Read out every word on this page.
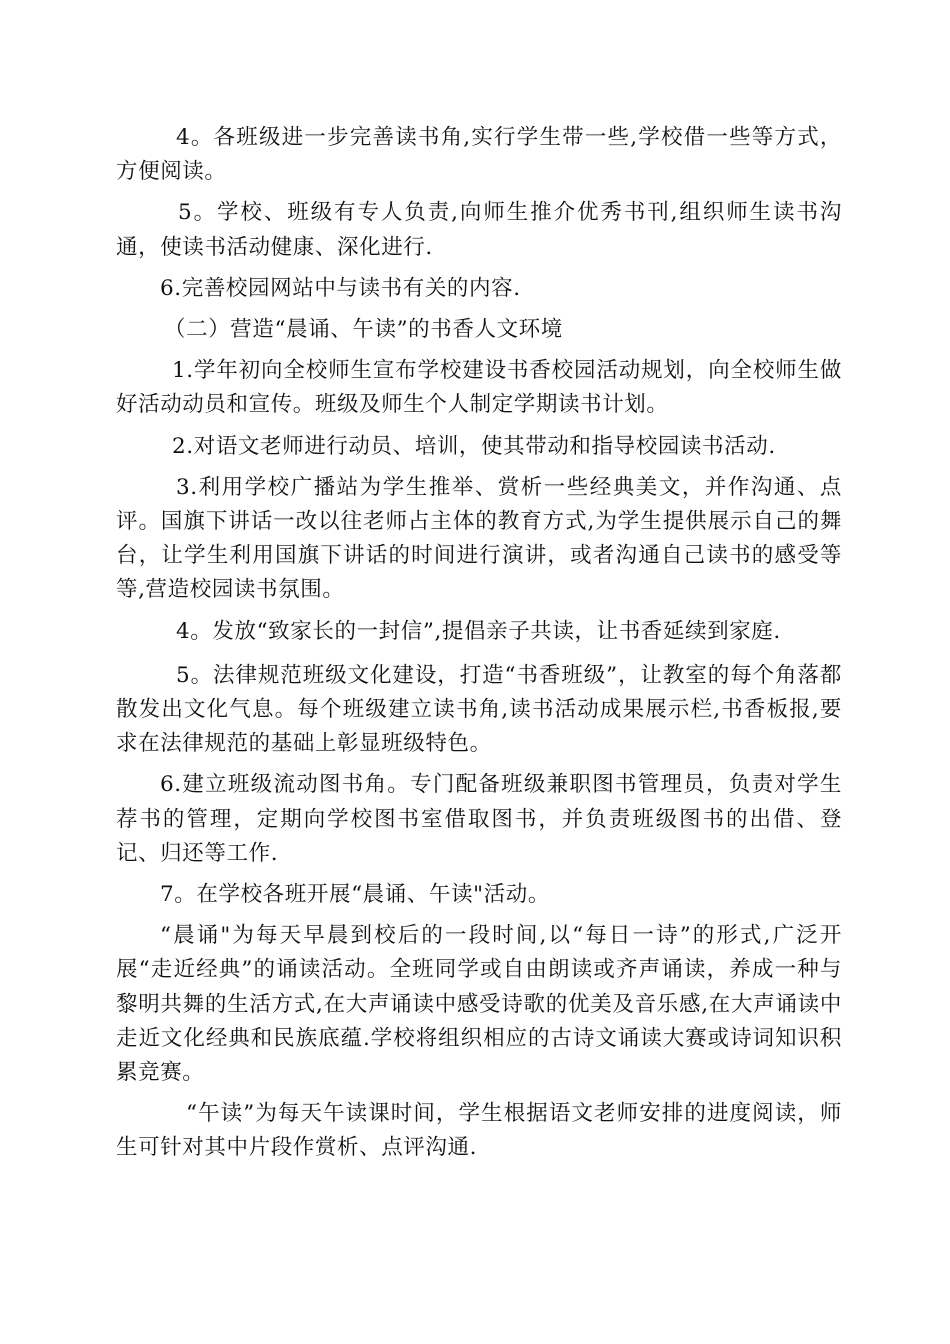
4。各班级进一步完善读书角,实行学生带一些,学校借一些等方式，方便阅读。

5。学校、班级有专人负责,向师生推介优秀书刊,组织师生读书沟通，使读书活动健康、深化进行.

6.完善校园网站中与读书有关的内容.

（二）营造“晨诵、午读”的书香人文环境

1.学年初向全校师生宣布学校建设书香校园活动规划，向全校师生做好活动动员和宣传。班级及师生个人制定学期读书计划。

2.对语文老师进行动员、培训，使其带动和指导校园读书活动.

3.利用学校广播站为学生推举、赏析一些经典美文，并作沟通、点评。国旗下讲话一改以往老师占主体的教育方式,为学生提供展示自己的舞台，让学生利用国旗下讲话的时间进行演讲，或者沟通自己读书的感受等等,营造校园读书氛围。

4。发放“致家长的一封信”,提倡亲子共读，让书香延续到家庭.

5。法律规范班级文化建设，打造“书香班级”，让教室的每个角落都散发出文化气息。每个班级建立读书角,读书活动成果展示栏,书香板报,要求在法律规范的基础上彰显班级特色。

6.建立班级流动图书角。专门配备班级兼职图书管理员，负责对学生荐书的管理，定期向学校图书室借取图书，并负责班级图书的出借、登记、归还等工作.

7。在学校各班开展“晨诵、午读"活动。

“晨诵"为每天早晨到校后的一段时间,以“每日一诗”的形式,广泛开展“走近经典”的诵读活动。全班同学或自由朗读或齐声诵读，养成一种与黎明共舞的生活方式,在大声诵读中感受诗歌的优美及音乐感,在大声诵读中走近文化经典和民族底蕴.学校将组织相应的古诗文诵读大赛或诗词知识积累竞赛。

“午读”为每天午读课时间，学生根据语文老师安排的进度阅读，师生可针对其中片段作赏析、点评沟通.
